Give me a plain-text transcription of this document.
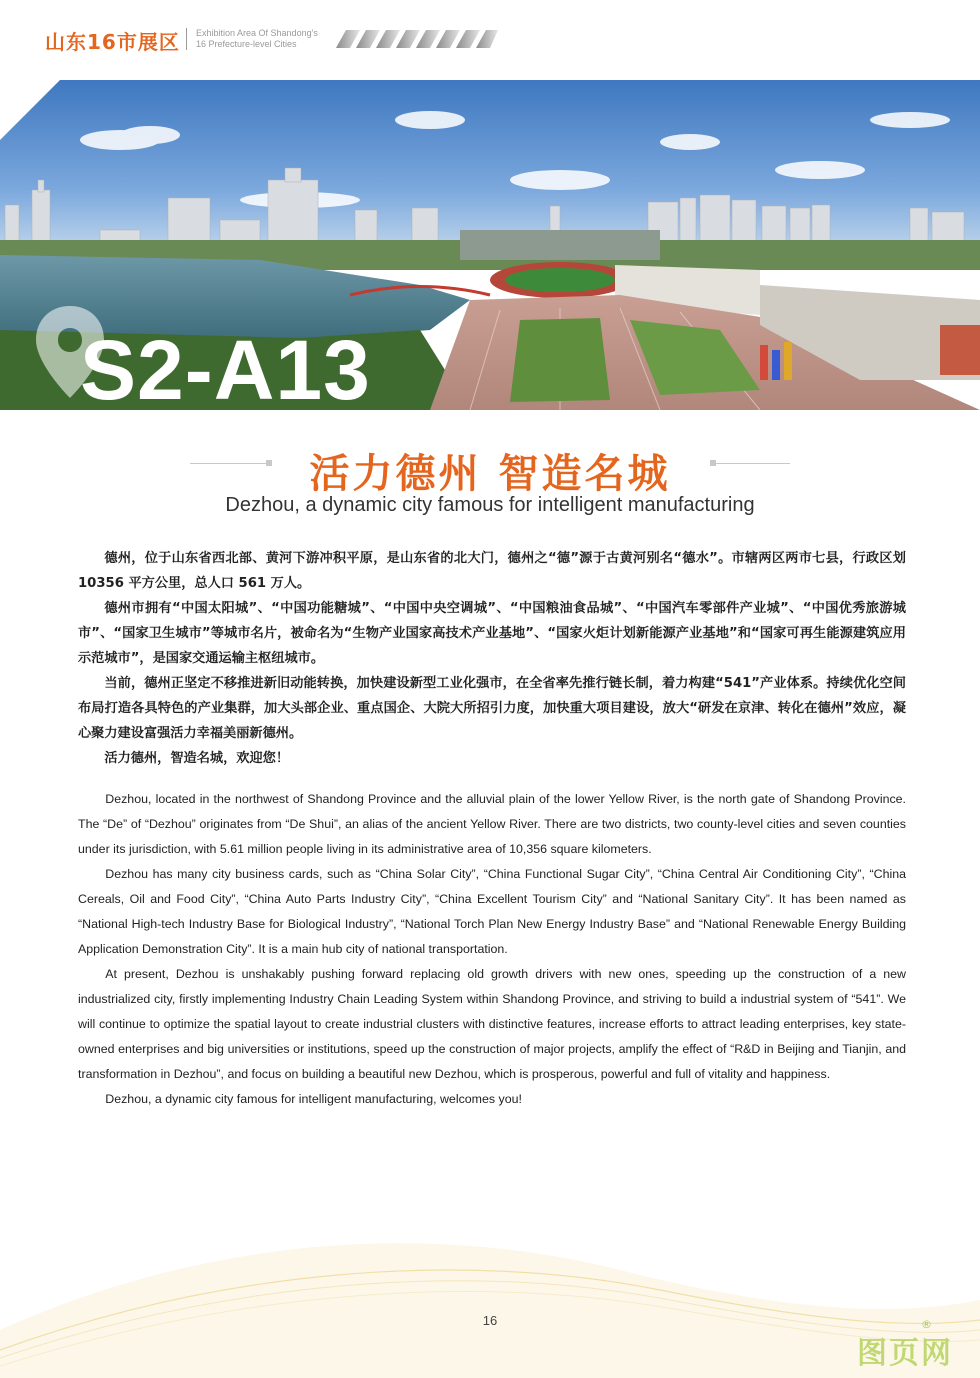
山东16市展区 Exhibition Area Of Shandong’s
16 Prefecture-level Cities
S2-A13
活力德州 智造名城
Dezhou, a dynamic city famous for intelligent manufacturing

德州，位于山东省西北部、黄河下游冲积平原，是山东省的北大门，德州之“德”源于古黄河别名“德水”。市辖两区两市七县，行政区划 10356 平方公里，总人口 561 万人。

德州市拥有“中国太阳城”、“中国功能糖城”、“中国中央空调城”、“中国粮油食品城”、“中国汽车零部件产业城”、“中国优秀旅游城市”、“国家卫生城市”等城市名片，被命名为“生物产业国家高技术产业基地”、“国家火炬计划新能源产业基地”和“国家可再生能源建筑应用示范城市”，是国家交通运输主枢纽城市。

当前，德州正坚定不移推进新旧动能转换，加快建设新型工业化强市，在全省率先推行链长制，着力构建“541”产业体系。持续优化空间布局打造各具特色的产业集群，加大头部企业、重点国企、大院大所招引力度，加快重大项目建设，放大“研发在京津、转化在德州”效应，凝心聚力建设富强活力幸福美丽新德州。

活力德州，智造名城，欢迎您！

Dezhou, located in the northwest of Shandong Province and the alluvial plain of the lower Yellow River, is the north gate of Shandong Province. The “De” of “Dezhou” originates from “De Shui”, an alias of the ancient Yellow River. There are two districts, two county-level cities and seven counties under its jurisdiction, with 5.61 million people living in its administrative area of 10,356 square kilometers.

Dezhou has many city business cards, such as “China Solar City”, “China Functional Sugar City”, “China Central Air Conditioning City”, “China Cereals, Oil and Food City”, “China Auto Parts Industry City”, “China Excellent Tourism City” and “National Sanitary City”. It has been named as “National High-tech Industry Base for Biological Industry”, “National Torch Plan New Energy Industry Base” and “National Renewable Energy Building Application Demonstration City”. It is a main hub city of national transportation.

At present, Dezhou is unshakably pushing forward replacing old growth drivers with new ones, speeding up the construction of a new industrialized city, firstly implementing Industry Chain Leading System within Shandong Province, and striving to build a industrial system of “541”. We will continue to optimize the spatial layout to create industrial clusters with distinctive features, increase efforts to attract leading enterprises, key state-owned enterprises and big universities or institutions, speed up the construction of major projects, amplify the effect of “R&D in Beijing and Tianjin, and transformation in Dezhou”, and focus on building a beautiful new Dezhou, which is prosperous, powerful and full of vitality and happiness.

Dezhou, a dynamic city famous for intelligent manufacturing, welcomes you!

16
图页网
®
